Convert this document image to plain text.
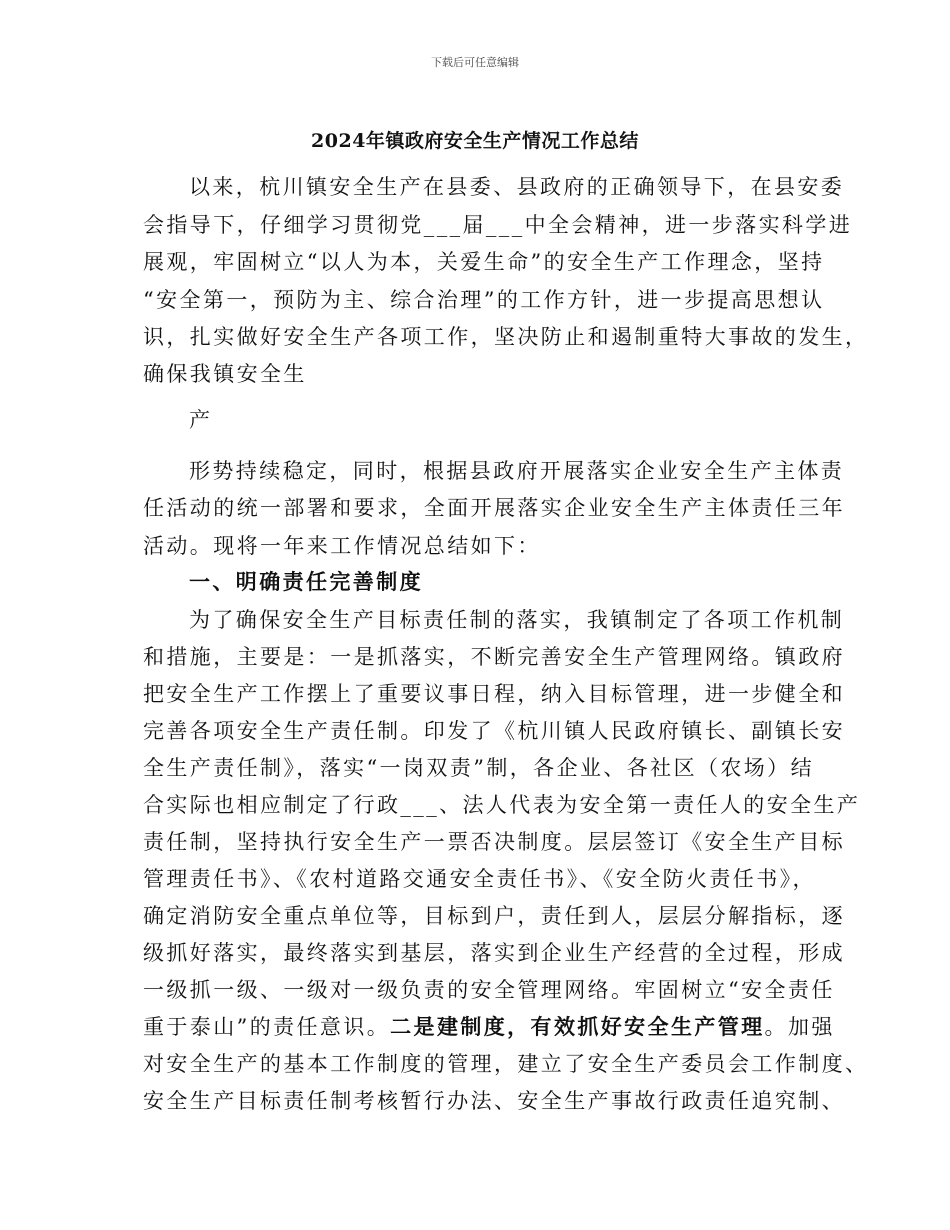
下载后可任意编辑
2024年镇政府安全生产情况工作总结
以来，杭川镇安全生产在县委、县政府的正确领导下，在县安委
会指导下，仔细学习贯彻党___届___中全会精神，进一步落实科学进
展观，牢固树立“以人为本，关爱生命”的安全生产工作理念，坚持
“安全第一，预防为主、综合治理”的工作方针，进一步提高思想认
识，扎实做好安全生产各项工作，坚决防止和遏制重特大事故的发生，
确保我镇安全生
产
形势持续稳定，同时，根据县政府开展落实企业安全生产主体责
任活动的统一部署和要求，全面开展落实企业安全生产主体责任三年
活动。现将一年来工作情况总结如下：
一、明确责任完善制度
为了确保安全生产目标责任制的落实，我镇制定了各项工作机制
和措施，主要是：一是抓落实，不断完善安全生产管理网络。镇政府
把安全生产工作摆上了重要议事日程，纳入目标管理，进一步健全和
完善各项安全生产责任制。印发了《杭川镇人民政府镇长、副镇长安
全生产责任制》，落实“一岗双责”制，各企业、各社区（农场）结
合实际也相应制定了行政___、法人代表为安全第一责任人的安全生产
责任制，坚持执行安全生产一票否决制度。层层签订《安全生产目标
管理责任书》、《农村道路交通安全责任书》、《安全防火责任书》，
确定消防安全重点单位等，目标到户，责任到人，层层分解指标，逐
级抓好落实，最终落实到基层，落实到企业生产经营的全过程，形成
一级抓一级、一级对一级负责的安全管理网络。牢固树立“安全责任
重于泰山”的责任意识。二是建制度，有效抓好安全生产管理。加强
对安全生产的基本工作制度的管理，建立了安全生产委员会工作制度、
安全生产目标责任制考核暂行办法、安全生产事故行政责任追究制、
